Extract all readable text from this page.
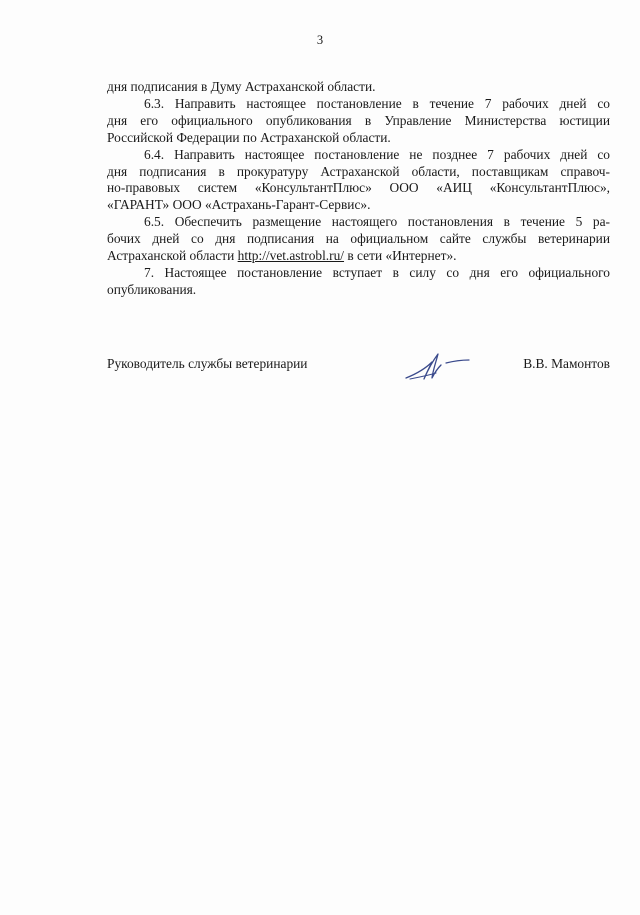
3
дня подписания в Думу Астраханской области.
6.3. Направить настоящее постановление в течение 7 рабочих дней со
дня его официального опубликования в Управление Министерства юстиции
Российской Федерации по Астраханской области.
6.4. Направить настоящее постановление не позднее 7 рабочих дней со
дня подписания в прокуратуру Астраханской области, поставщикам справоч-
но-правовых систем «КонсультантПлюс» ООО «АИЦ «КонсультантПлюс»,
«ГАРАНТ» ООО «Астрахань-Гарант-Сервис».
6.5. Обеспечить размещение настоящего постановления в течение 5 ра-
бочих дней со дня подписания на официальном сайте службы ветеринарии
Астраханской области http://vet.astrobl.ru/ в сети «Интернет».
7. Настоящее постановление вступает в силу со дня его официального
опубликования.
Руководитель службы ветеринарии	В.В. Мамонтов
